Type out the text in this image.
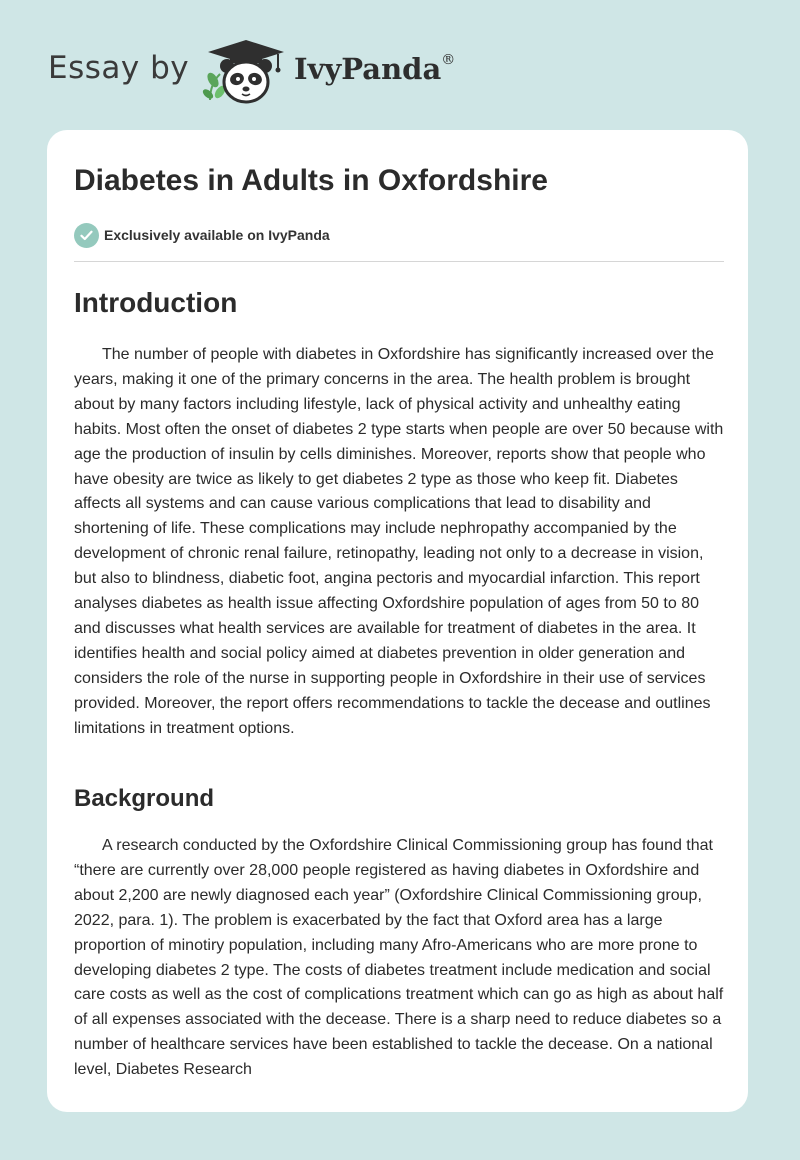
Essay by	IvyPanda®
Diabetes in Adults in Oxfordshire
Exclusively available on IvyPanda
Introduction

The number of people with diabetes in Oxfordshire has significantly increased over the years, making it one of the primary concerns in the area. The health problem is brought about by many factors including lifestyle, lack of physical activity and unhealthy eating habits. Most often the onset of diabetes 2 type starts when people are over 50 because with age the production of insulin by cells diminishes. Moreover, reports show that people who have obesity are twice as likely to get diabetes 2 type as those who keep fit. Diabetes affects all systems and can cause various complications that lead to disability and shortening of life. These complications may include nephropathy accompanied by the development of chronic renal failure, retinopathy, leading not only to a decrease in vision, but also to blindness, diabetic foot, angina pectoris and myocardial infarction. This report analyses diabetes as health issue affecting Oxfordshire population of ages from 50 to 80 and discusses what health services are available for treatment of diabetes in the area. It identifies health and social policy aimed at diabetes prevention in older generation and considers the role of the nurse in supporting people in Oxfordshire in their use of services provided. Moreover, the report offers recommendations to tackle the decease and outlines limitations in treatment options.

Background

A research conducted by the Oxfordshire Clinical Commissioning group has found that “there are currently over 28,000 people registered as having diabetes in Oxfordshire and about 2,200 are newly diagnosed each year” (Oxfordshire Clinical Commissioning group, 2022, para. 1). The problem is exacerbated by the fact that Oxford area has a large proportion of minotiry population, including many Afro-Americans who are more prone to developing diabetes 2 type. The costs of diabetes treatment include medication and social care costs as well as the cost of complications treatment which can go as high as about half of all expenses associated with the decease. There is a sharp need to reduce diabetes so a number of healthcare services have been established to tackle the decease. On a national level, Diabetes Research
